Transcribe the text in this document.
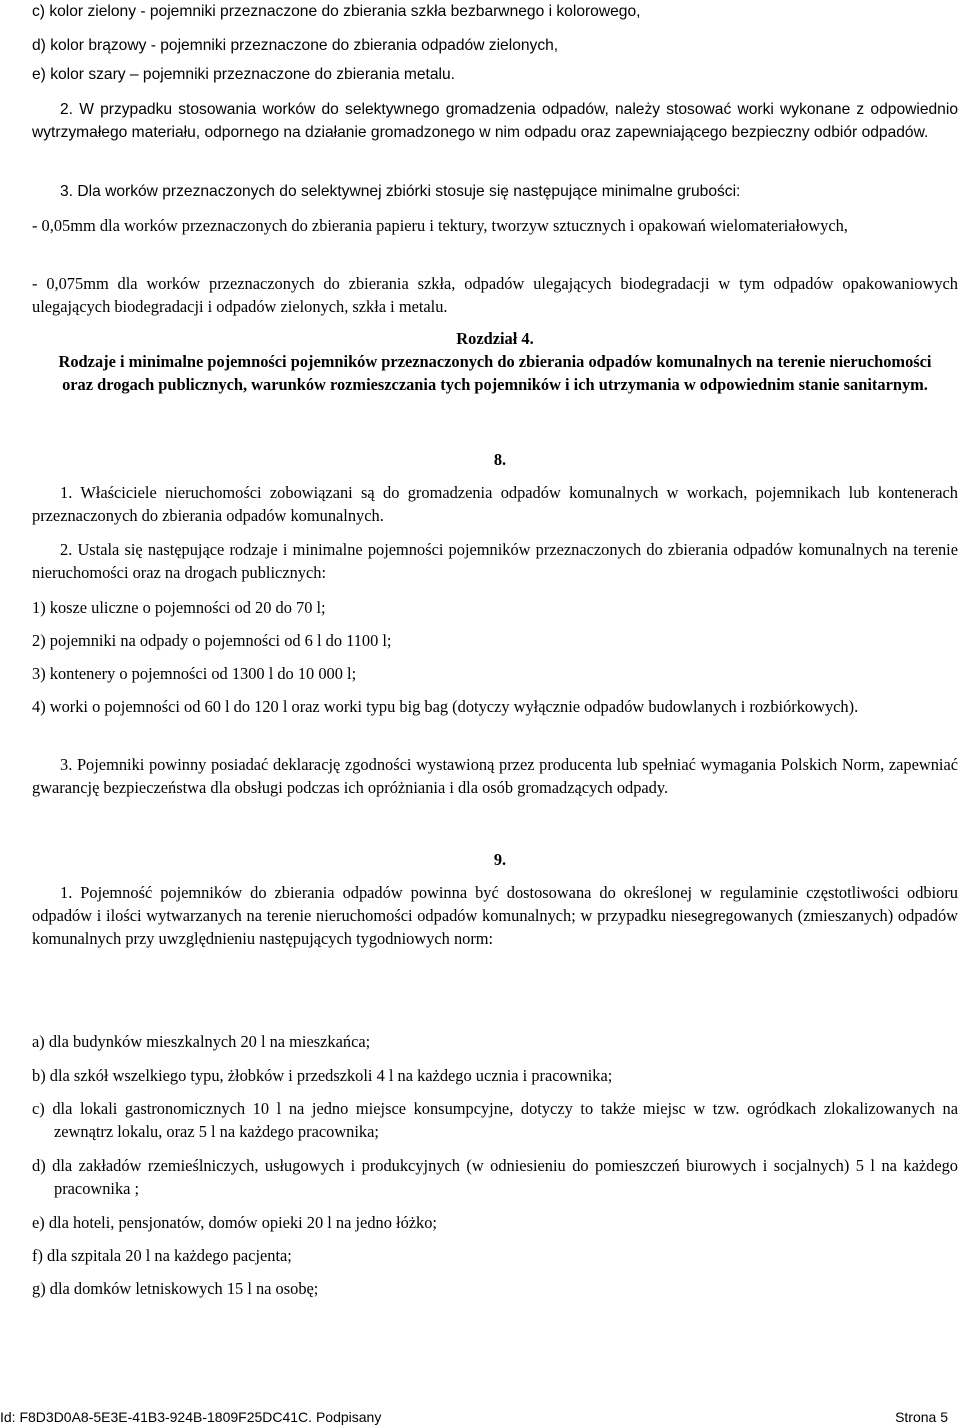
c) kolor zielony - pojemniki przeznaczone do zbierania szkła bezbarwnego i kolorowego,

d) kolor brązowy - pojemniki przeznaczone do zbierania odpadów zielonych,

e) kolor szary – pojemniki przeznaczone do zbierania metalu.

2. W przypadku stosowania worków do selektywnego gromadzenia odpadów, należy stosować worki wykonane z odpowiednio wytrzymałego materiału, odpornego na działanie gromadzonego w nim odpadu oraz zapewniającego bezpieczny odbiór odpadów.

3. Dla worków przeznaczonych do selektywnej zbiórki stosuje się następujące minimalne grubości:

- 0,05mm dla worków przeznaczonych do zbierania papieru i tektury, tworzyw sztucznych i opakowań wielomateriałowych,

- 0,075mm dla worków przeznaczonych do zbierania szkła, odpadów ulegających biodegradacji w tym odpadów opakowaniowych ulegających biodegradacji i odpadów zielonych, szkła i metalu.

Rozdział 4.

Rodzaje i minimalne pojemności pojemników przeznaczonych do zbierania odpadów komunalnych na terenie nieruchomości oraz drogach publicznych, warunków rozmieszczania tych pojemników i ich utrzymania w odpowiednim stanie sanitarnym.

8.

1. Właściciele nieruchomości zobowiązani są do gromadzenia odpadów komunalnych w workach, pojemnikach lub kontenerach przeznaczonych do zbierania odpadów komunalnych.

2. Ustala się następujące rodzaje i minimalne pojemności pojemników przeznaczonych do zbierania odpadów komunalnych na terenie nieruchomości oraz na drogach publicznych:

1) kosze uliczne o pojemności od 20 do 70 l;

2) pojemniki na odpady o pojemności od 6 l do 1100 l;

3) kontenery o pojemności od 1300 l do 10 000 l;

4) worki o pojemności od 60 l do 120 l oraz worki typu big bag (dotyczy wyłącznie odpadów budowlanych i rozbiórkowych).

3. Pojemniki powinny posiadać deklarację zgodności wystawioną przez producenta lub spełniać wymagania Polskich Norm, zapewniać gwarancję bezpieczeństwa dla obsługi podczas ich opróżniania i dla osób gromadzących odpady.

9.

1. Pojemność pojemników do zbierania odpadów powinna być dostosowana do określonej w regulaminie częstotliwości odbioru odpadów i ilości wytwarzanych na terenie nieruchomości odpadów komunalnych; w przypadku niesegregowanych (zmieszanych) odpadów komunalnych przy uwzględnieniu następujących tygodniowych norm:

a) dla budynków mieszkalnych 20 l na mieszkańca;

b) dla szkół wszelkiego typu, żłobków i przedszkoli 4 l na każdego ucznia i pracownika;

c) dla lokali gastronomicznych 10 l na jedno miejsce konsumpcyjne, dotyczy to także miejsc w tzw. ogródkach zlokalizowanych na zewnątrz lokalu, oraz 5 l na każdego pracownika;

d) dla zakładów rzemieślniczych, usługowych i produkcyjnych (w odniesieniu do pomieszczeń biurowych i socjalnych) 5 l na każdego pracownika ;

e) dla hoteli, pensjonatów, domów opieki 20 l na jedno łóżko;

f) dla szpitala 20 l na każdego pacjenta;

g) dla domków letniskowych 15 l na osobę;

Id: F8D3D0A8-5E3E-41B3-924B-1809F25DC41C. Podpisany	Strona 5
